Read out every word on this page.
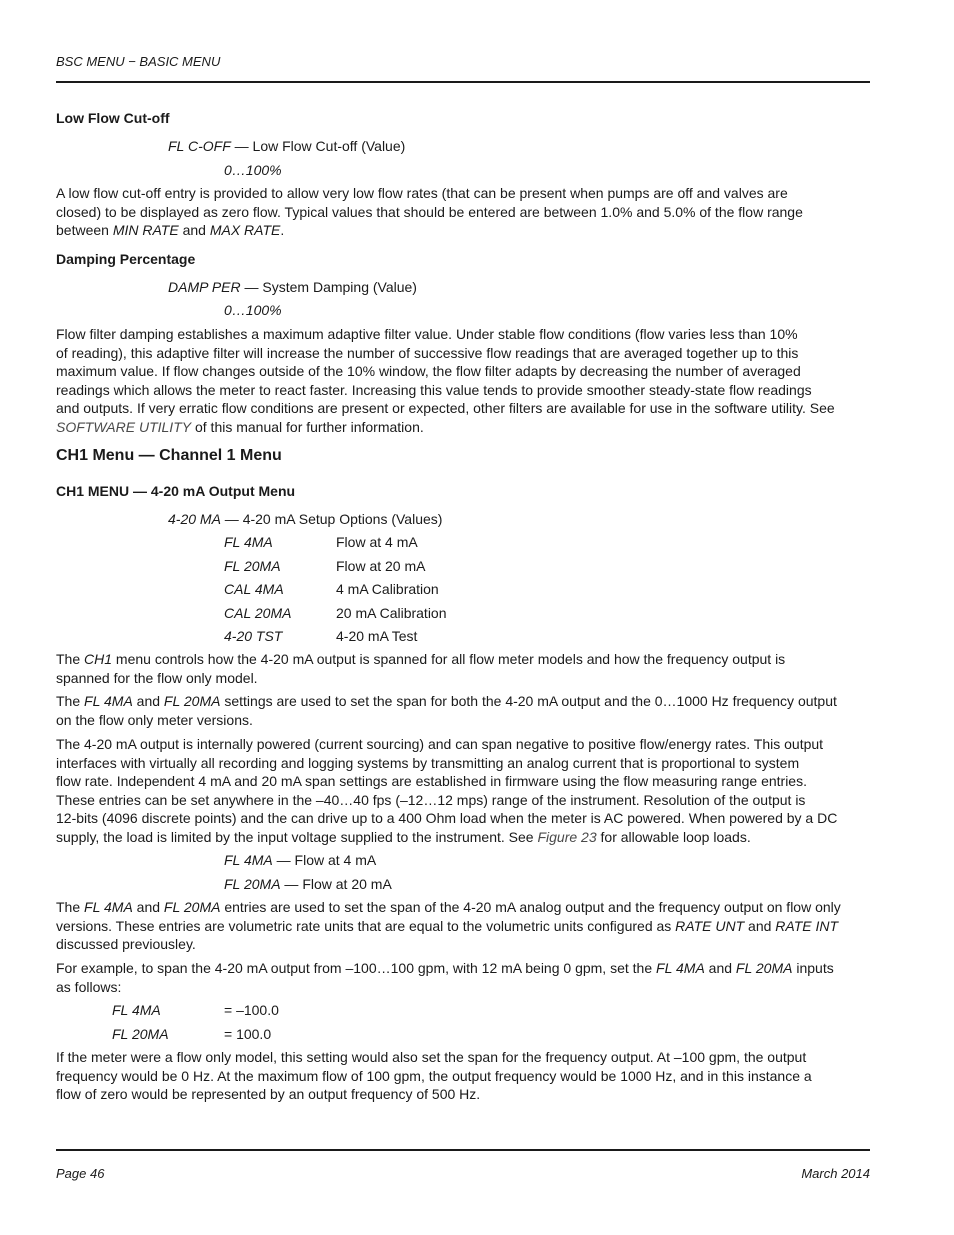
BSC MENU − BASIC MENU
Low Flow Cut-off
FL C-OFF — Low Flow Cut-off (Value)
0…100%
A low flow cut-off entry is provided to allow very low flow rates (that can be present when pumps are off and valves are
closed) to be displayed as zero flow. Typical values that should be entered are between 1.0% and 5.0% of the flow range
between MIN RATE and MAX RATE.
Damping Percentage
DAMP PER — System Damping (Value)
0…100%
Flow filter damping establishes a maximum adaptive filter value. Under stable flow conditions (flow varies less than 10%
of reading), this adaptive filter will increase the number of successive flow readings that are averaged together up to this
maximum value. If flow changes outside of the 10% window, the flow filter adapts by decreasing the number of averaged
readings which allows the meter to react faster. Increasing this value tends to provide smoother steady-state flow readings
and outputs. If very erratic flow conditions are present or expected, other filters are available for use in the software utility. See
SOFTWARE UTILITY of this manual for further information.
CH1 Menu — Channel 1 Menu
CH1 MENU — 4-20 mA Output Menu
4-20 MA — 4-20 mA Setup Options (Values)
FL 4MA	Flow at 4 mA
FL 20MA	Flow at 20 mA
CAL 4MA	4 mA Calibration
CAL 20MA	20 mA Calibration
4-20 TST	4-20 mA Test
The CH1 menu controls how the 4-20 mA output is spanned for all flow meter models and how the frequency output is
spanned for the flow only model.
The FL 4MA and FL 20MA settings are used to set the span for both the 4-20 mA output and the 0…1000 Hz frequency output
on the flow only meter versions.
The 4-20 mA output is internally powered (current sourcing) and can span negative to positive flow/energy rates. This output
interfaces with virtually all recording and logging systems by transmitting an analog current that is proportional to system
flow rate. Independent 4 mA and 20 mA span settings are established in firmware using the flow measuring range entries.
These entries can be set anywhere in the –40…40 fps (–12…12 mps) range of the instrument. Resolution of the output is
12-bits (4096 discrete points) and the can drive up to a 400 Ohm load when the meter is AC powered. When powered by a DC
supply, the load is limited by the input voltage supplied to the instrument. See Figure 23 for allowable loop loads.
FL 4MA — Flow at 4 mA
FL 20MA — Flow at 20 mA
The FL 4MA and FL 20MA entries are used to set the span of the 4-20 mA analog output and the frequency output on flow only
versions. These entries are volumetric rate units that are equal to the volumetric units configured as RATE UNT and RATE INT
discussed previousley.
For example, to span the 4-20 mA output from –100…100 gpm, with 12 mA being 0 gpm, set the FL 4MA and FL 20MA inputs
as follows:
FL 4MA	= –100.0
FL 20MA	= 100.0
If the meter were a flow only model, this setting would also set the span for the frequency output. At –100 gpm, the output
frequency would be 0 Hz. At the maximum flow of 100 gpm, the output frequency would be 1000 Hz, and in this instance a
flow of zero would be represented by an output frequency of 500 Hz.
Page 46	March 2014
